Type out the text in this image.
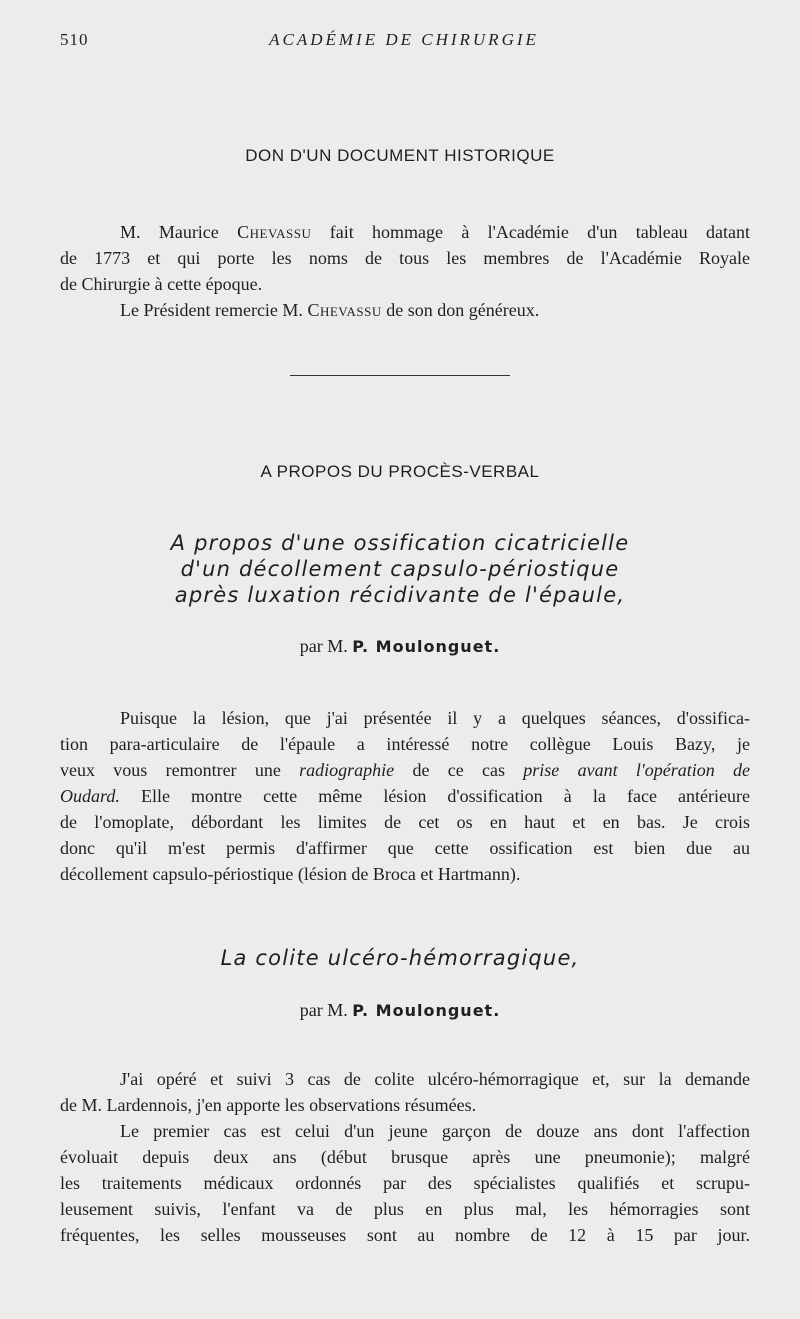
510	ACADÉMIE DE CHIRURGIE
DON D'UN DOCUMENT HISTORIQUE
M. Maurice Chevassu fait hommage à l'Académie d'un tableau datant
de 1773 et qui porte les noms de tous les membres de l'Académie Royale
de Chirurgie à cette époque.
Le Président remercie M. Chevassu de son don généreux.
A PROPOS DU PROCÈS-VERBAL
A propos d'une ossification cicatricielle
d'un décollement capsulo-périostique
après luxation récidivante de l'épaule,
par M. P. Moulonguet.
Puisque la lésion, que j'ai présentée il y a quelques séances, d'ossifica-
tion para-articulaire de l'épaule a intéressé notre collègue Louis Bazy, je
veux vous remontrer une radiographie de ce cas prise avant l'opération de
Oudard. Elle montre cette même lésion d'ossification à la face antérieure
de l'omoplate, débordant les limites de cet os en haut et en bas. Je crois
donc qu'il m'est permis d'affirmer que cette ossification est bien due au
décollement capsulo-périostique (lésion de Broca et Hartmann).
La colite ulcéro-hémorragique,
par M. P. Moulonguet.
J'ai opéré et suivi 3 cas de colite ulcéro-hémorragique et, sur la demande
de M. Lardennois, j'en apporte les observations résumées.
Le premier cas est celui d'un jeune garçon de douze ans dont l'affection
évoluait depuis deux ans (début brusque après une pneumonie); malgré
les traitements médicaux ordonnés par des spécialistes qualifiés et scrupu-
leusement suivis, l'enfant va de plus en plus mal, les hémorragies sont
fréquentes, les selles mousseuses sont au nombre de 12 à 15 par jour.
